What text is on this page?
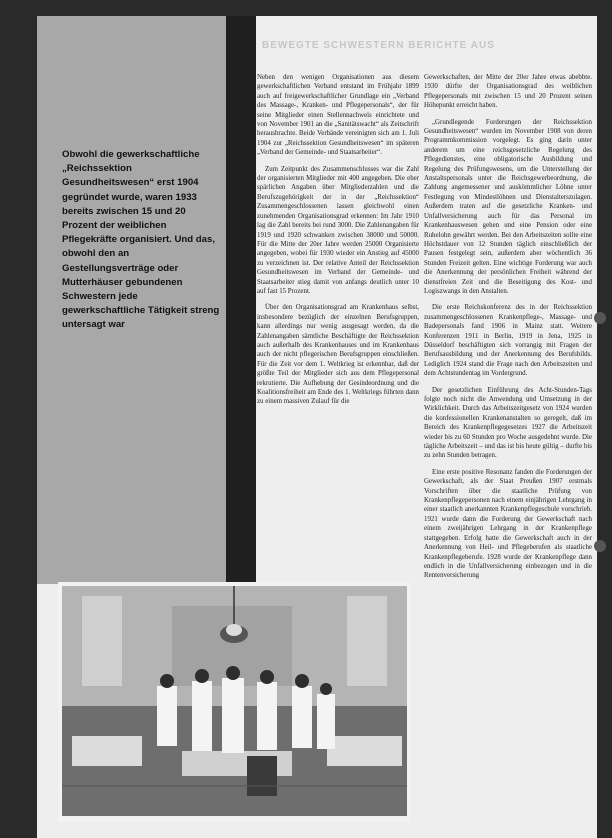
BEWEGTE SCHWESTERN BERICHTE AUS

Obwohl die gewerkschaftliche „Reichssektion Gesundheitswesen“ erst 1904 gegründet wurde, waren 1933 bereits zwischen 15 und 20 Prozent der weiblichen Pflegekräfte organisiert. Und das, obwohl den an Gestellungsverträge oder Mutterhäuser gebundenen Schwestern jede gewerkschaftliche Tätigkeit streng untersagt war

Neben den wenigen Organisationen aus diesem gewerkschaftlichen Verband entstand im Frühjahr 1899 auch auf freigewerkschaftlicher Grundlage ein „Verband des Massage-, Kranken- und Pflegepersonals“, der für seine Mitglieder einen Stellennachweis einrichtete und von November 1901 an die „Sanitätswacht“ als Zeitschrift herausbrachte. Beide Verbände vereinigten sich am 1. Juli 1904 zur „Reichssektion Gesundheitswesen“ im späteren „Verband der Gemeinde- und Staatsarbeiter“.

Zum Zeitpunkt des Zusammenschlusses war die Zahl der organisierten Mitglieder mit 400 angegeben. Die eher spärlichen Angaben über Mitgliederzahlen und die Berufszugehörigkeit der in der „Reichssektion“ Zusammengeschlossenen lassen gleichwohl einen zunehmenden Organisationsgrad erkennen: Im Jahr 1910 lag die Zahl bereits bei rund 3000. Die Zahlenangaben für 1919 und 1920 schwanken zwischen 38000 und 50000. Für die Mitte der 20er Jahre werden 25000 Organisierte angegeben, wobei für 1930 wieder ein Anstieg auf 45000 zu verzeichnen ist. Der relative Anteil der Reichssektion Gesundheitswesen im Verband der Gemeinde- und Staatsarbeiter stieg damit von anfangs deutlich unter 10 auf fast 15 Prozent.

Über den Organisationsgrad am Krankenhaus selbst, insbesondere bezüglich der einzelnen Berufsgruppen, kann allerdings nur wenig ausgesagt werden, da die Zahlenangaben sämtliche Beschäftigte der Reichssektion auch außerhalb des Krankenhauses und im Krankenhaus auch der nicht pflegerischen Berufsgruppen einschließen. Für die Zeit vor dem 1. Weltkrieg ist erkennbar, daß der größte Teil der Mitglieder sich aus dem Pflegepersonal rekrutierte. Die Aufhebung der Gesindeordnung und die Koalitionsfreiheit am Ende des 1. Weltkriegs führten dann zu einem massiven Zulauf für die

Gewerkschaften, der Mitte der 20er Jahre etwas abebbte. 1930 dürfte der Organisationsgrad des weiblichen Pflegepersonals mit zwischen 15 und 20 Prozent seinen Höhepunkt erreicht haben.

„Grundlegende Forderungen der Reichssektion Gesundheitswesen“ wurden im November 1908 von deren Programmkommission vorgelegt. Es ging darin unter anderem um eine reichsgesetzliche Regelung des Pflegedienstes, eine obligatorische Ausbildung und Regelung des Prüfungswesens, um die Unterstellung der Anstaltspersonals unter die Reichsgewerbeordnung, die Zahlung angemessener und auskömmlicher Löhne unter Festlegung von Mindestlöhnen und Dienstalterszulagen. Außerdem traten auf die gesetzliche Kranken- und Unfallversicherung auch für das Personal im Krankenhauswesen gehen und eine Pension oder eine Ruhelohn gewährt werden. Bei den Arbeitszeiten sollte eine Höchstdauer von 12 Stunden täglich einschließlich der Pausen festgelegt sein, außerdem aber wöchentlich 36 Stunden Freizeit gelten. Eine wichtige Forderung war auch die Anerkennung der persönlichen Freiheit während der dienstfreien Zeit und die Beseitigung des Kost- und Logiszwangs in den Anstalten.

Die erste Reichskonferenz des in der Reichssektion zusammengeschlossenen Krankenpflege-, Massage- und Badepersonals fand 1906 in Mainz statt. Weitere Konferenzen 1911 in Berlin, 1919 in Jena, 1925 in Düsseldorf beschäftigten sich vorrangig mit Fragen der Berufsausbildung und der Anerkennung des Berufsbilds. Lediglich 1924 stand die Frage nach den Arbeitszeiten und dem Achtstundentag im Vordergrund.

Der gesetzlichen Einführung des Acht-Stunden-Tags folgte noch nicht die Anwendung und Umsetzung in der Wirklichkeit. Durch das Arbeitszeitgesetz von 1924 wurden die konfessionellen Krankenanstalten so geregelt, daß im Bereich des Krankenpflegegesetzes 1927 die Arbeitszeit wieder bis zu 60 Stunden pro Woche ausgedehnt wurde. Die tägliche Arbeitszeit – und das ist bis heute gültig – durfte bis zu zehn Stunden betragen.

Eine erste positive Resonanz fanden die Forderungen der Gewerkschaft, als der Staat Preußen 1907 erstmals Vorschriften über die staatliche Prüfung von Krankenpflegepersonen nach einem einjährigen Lehrgang in einer staatlich anerkannten Krankenpflegeschule vorschrieb. 1921 wurde dann die Forderung der Gewerkschaft nach einem zweijährigen Lehrgang in der Krankenpflege stattgegeben. Erfolg hatte die Gewerkschaft auch in der Anerkennung von Heil- und Pflegeberufen als staatliche Krankenpflegeberufe. 1928 wurde der Krankenpflege dann endlich in die Unfallversicherung einbezogen und in die Rentenversicherung
